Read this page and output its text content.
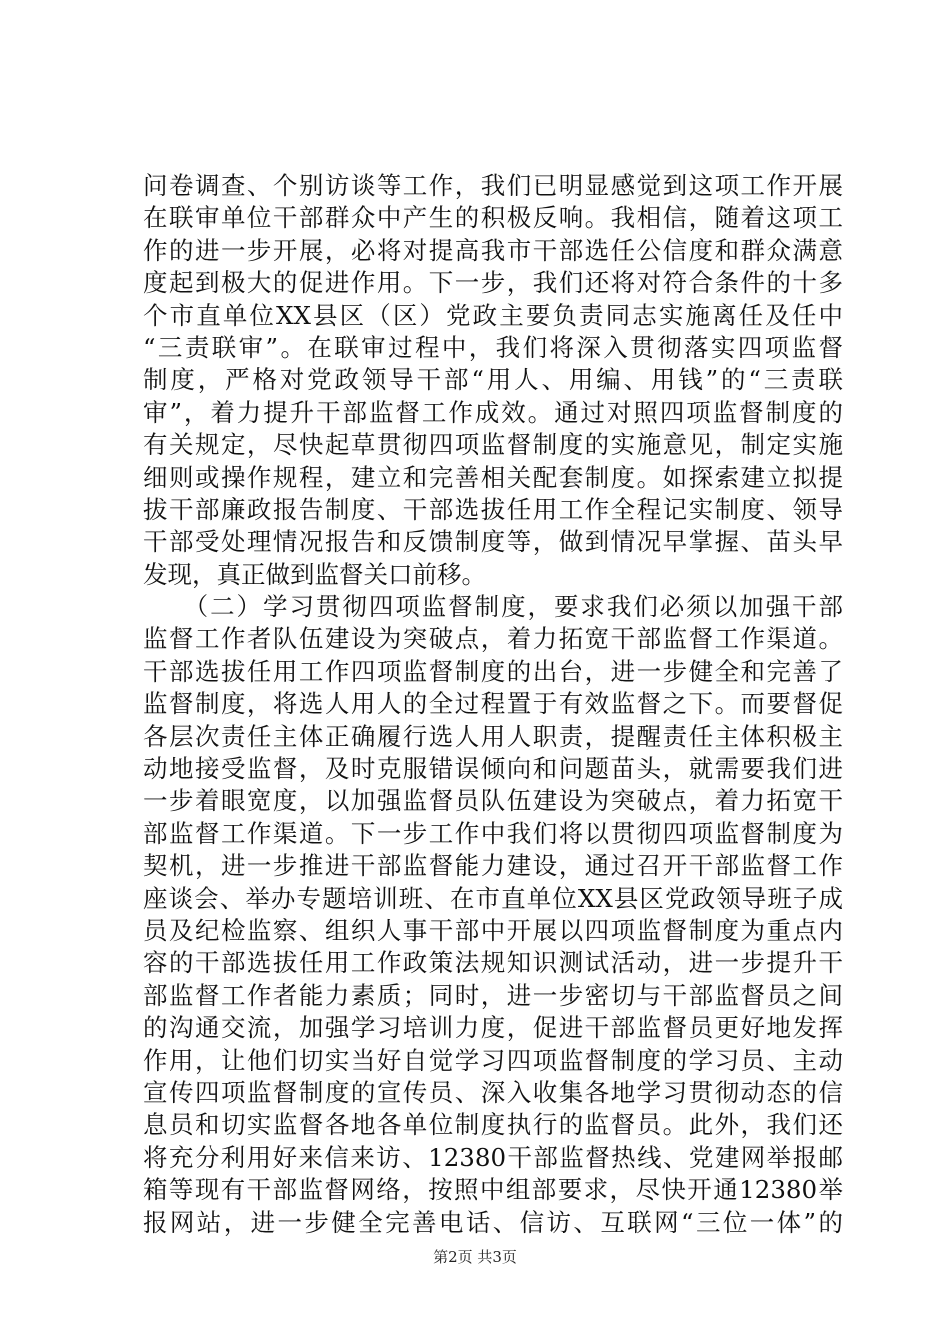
问卷调查、个别访谈等工作，我们已明显感觉到这项工作开展
在联审单位干部群众中产生的积极反响。我相信，随着这项工
作的进一步开展，必将对提高我市干部选任公信度和群众满意
度起到极大的促进作用。下一步，我们还将对符合条件的十多
个市直单位XX县区（区）党政主要负责同志实施离任及任中
“三责联审”。在联审过程中，我们将深入贯彻落实四项监督
制度，严格对党政领导干部“用人、用编、用钱”的“三责联
审”，着力提升干部监督工作成效。通过对照四项监督制度的
有关规定，尽快起草贯彻四项监督制度的实施意见，制定实施
细则或操作规程，建立和完善相关配套制度。如探索建立拟提
拔干部廉政报告制度、干部选拔任用工作全程记实制度、领导
干部受处理情况报告和反馈制度等，做到情况早掌握、苗头早
发现，真正做到监督关口前移。
　　（二）学习贯彻四项监督制度，要求我们必须以加强干部
监督工作者队伍建设为突破点，着力拓宽干部监督工作渠道。
干部选拔任用工作四项监督制度的出台，进一步健全和完善了
监督制度，将选人用人的全过程置于有效监督之下。而要督促
各层次责任主体正确履行选人用人职责，提醒责任主体积极主
动地接受监督，及时克服错误倾向和问题苗头，就需要我们进
一步着眼宽度，以加强监督员队伍建设为突破点，着力拓宽干
部监督工作渠道。下一步工作中我们将以贯彻四项监督制度为
契机，进一步推进干部监督能力建设，通过召开干部监督工作
座谈会、举办专题培训班、在市直单位XX县区党政领导班子成
员及纪检监察、组织人事干部中开展以四项监督制度为重点内
容的干部选拔任用工作政策法规知识测试活动，进一步提升干
部监督工作者能力素质；同时，进一步密切与干部监督员之间
的沟通交流，加强学习培训力度，促进干部监督员更好地发挥
作用，让他们切实当好自觉学习四项监督制度的学习员、主动
宣传四项监督制度的宣传员、深入收集各地学习贯彻动态的信
息员和切实监督各地各单位制度执行的监督员。此外，我们还
将充分利用好来信来访、12380干部监督热线、党建网举报邮
箱等现有干部监督网络，按照中组部要求，尽快开通12380举
报网站，进一步健全完善电话、信访、互联网“三位一体”的
第2页 共3页
